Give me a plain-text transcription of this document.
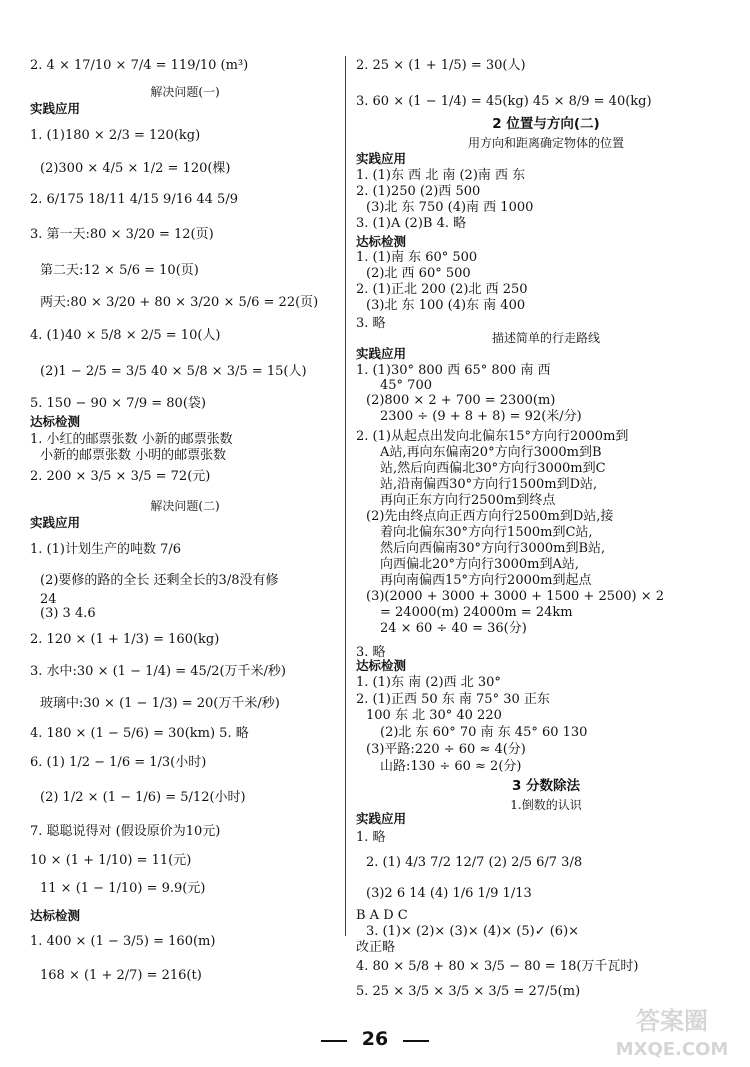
2. 4 × 17/10 × 7/4 = 119/10 (m³)
解决问题(一)
实践应用
1. (1)180 × 2/3 = 120(kg)
(2)300 × 4/5 × 1/2 = 120(棵)
2. 6/175 18/11 4/15 9/16 44 5/9
3. 第一天:80 × 3/20 = 12(页)
第二天:12 × 5/6 = 10(页)
两天:80 × 3/20 + 80 × 3/20 × 5/6 = 22(页)
4. (1)40 × 5/8 × 2/5 = 10(人)
(2)1 − 2/5 = 3/5 40 × 5/8 × 3/5 = 15(人)
5. 150 − 90 × 7/9 = 80(袋)
达标检测
1. 小红的邮票张数 小新的邮票张数
小新的邮票张数 小明的邮票张数
2. 200 × 3/5 × 3/5 = 72(元)
解决问题(二)
实践应用
1. (1)计划生产的吨数 7/6
(2)要修的路的全长 还剩全长的3/8没有修
24
(3) 3 4.6
2. 120 × (1 + 1/3) = 160(kg)
3. 水中:30 × (1 − 1/4) = 45/2(万千米/秒)
玻璃中:30 × (1 − 1/3) = 20(万千米/秒)
4. 180 × (1 − 5/6) = 30(km) 5. 略
6. (1) 1/2 − 1/6 = 1/3(小时)
(2) 1/2 × (1 − 1/6) = 5/12(小时)
7. 聪聪说得对 (假设原价为10元)
10 × (1 + 1/10) = 11(元)
11 × (1 − 1/10) = 9.9(元)
达标检测
1. 400 × (1 − 3/5) = 160(m)
168 × (1 + 2/7) = 216(t)
2. 25 × (1 + 1/5) = 30(人)
3. 60 × (1 − 1/4) = 45(kg) 45 × 8/9 = 40(kg)
2 位置与方向(二)
用方向和距离确定物体的位置
实践应用
1. (1)东 西 北 南 (2)南 西 东
2. (1)250 (2)西 500
(3)北 东 750 (4)南 西 1000
3. (1)A (2)B 4. 略
达标检测
1. (1)南 东 60° 500
(2)北 西 60° 500
2. (1)正北 200 (2)北 西 250
(3)北 东 100 (4)东 南 400
3. 略
描述简单的行走路线
实践应用
1. (1)30° 800 西 65° 800 南 西
45° 700
(2)800 × 2 + 700 = 2300(m)
2300 ÷ (9 + 8 + 8) = 92(米/分)
2. (1)从起点出发向北偏东15°方向行2000m到
A站,再向东偏南20°方向行3000m到B
站,然后向西偏北30°方向行3000m到C
站,沿南偏西30°方向行1500m到D站,
再向正东方向行2500m到终点
(2)先由终点向正西方向行2500m到D站,接
着向北偏东30°方向行1500m到C站,
然后向西偏南30°方向行3000m到B站,
向西偏北20°方向行3000m到A站,
再向南偏西15°方向行2000m到起点
(3)(2000 + 3000 + 3000 + 1500 + 2500) × 2
= 24000(m) 24000m = 24km
24 × 60 ÷ 40 = 36(分)
3. 略
达标检测
1. (1)东 南 (2)西 北 30°
2. (1)正西 50 东 南 75° 30 正东
100 东 北 30° 40 220
(2)北 东 60° 70 南 东 45° 60 130
(3)平路:220 ÷ 60 ≈ 4(分)
山路:130 ÷ 60 ≈ 2(分)
3 分数除法
1.倒数的认识
实践应用
1. 略
2. (1) 4/3 7/2 12/7 (2) 2/5 6/7 3/8
(3)2 6 14 (4) 1/6 1/9 1/13
B A D C
3. (1)× (2)× (3)× (4)× (5)✓ (6)×
改正略
4. 80 × 5/8 + 80 × 3/5 − 80 = 18(万千瓦时)
5. 25 × 3/5 × 3/5 × 3/5 = 27/5(m)
26
答案圈
MXQE.COM
